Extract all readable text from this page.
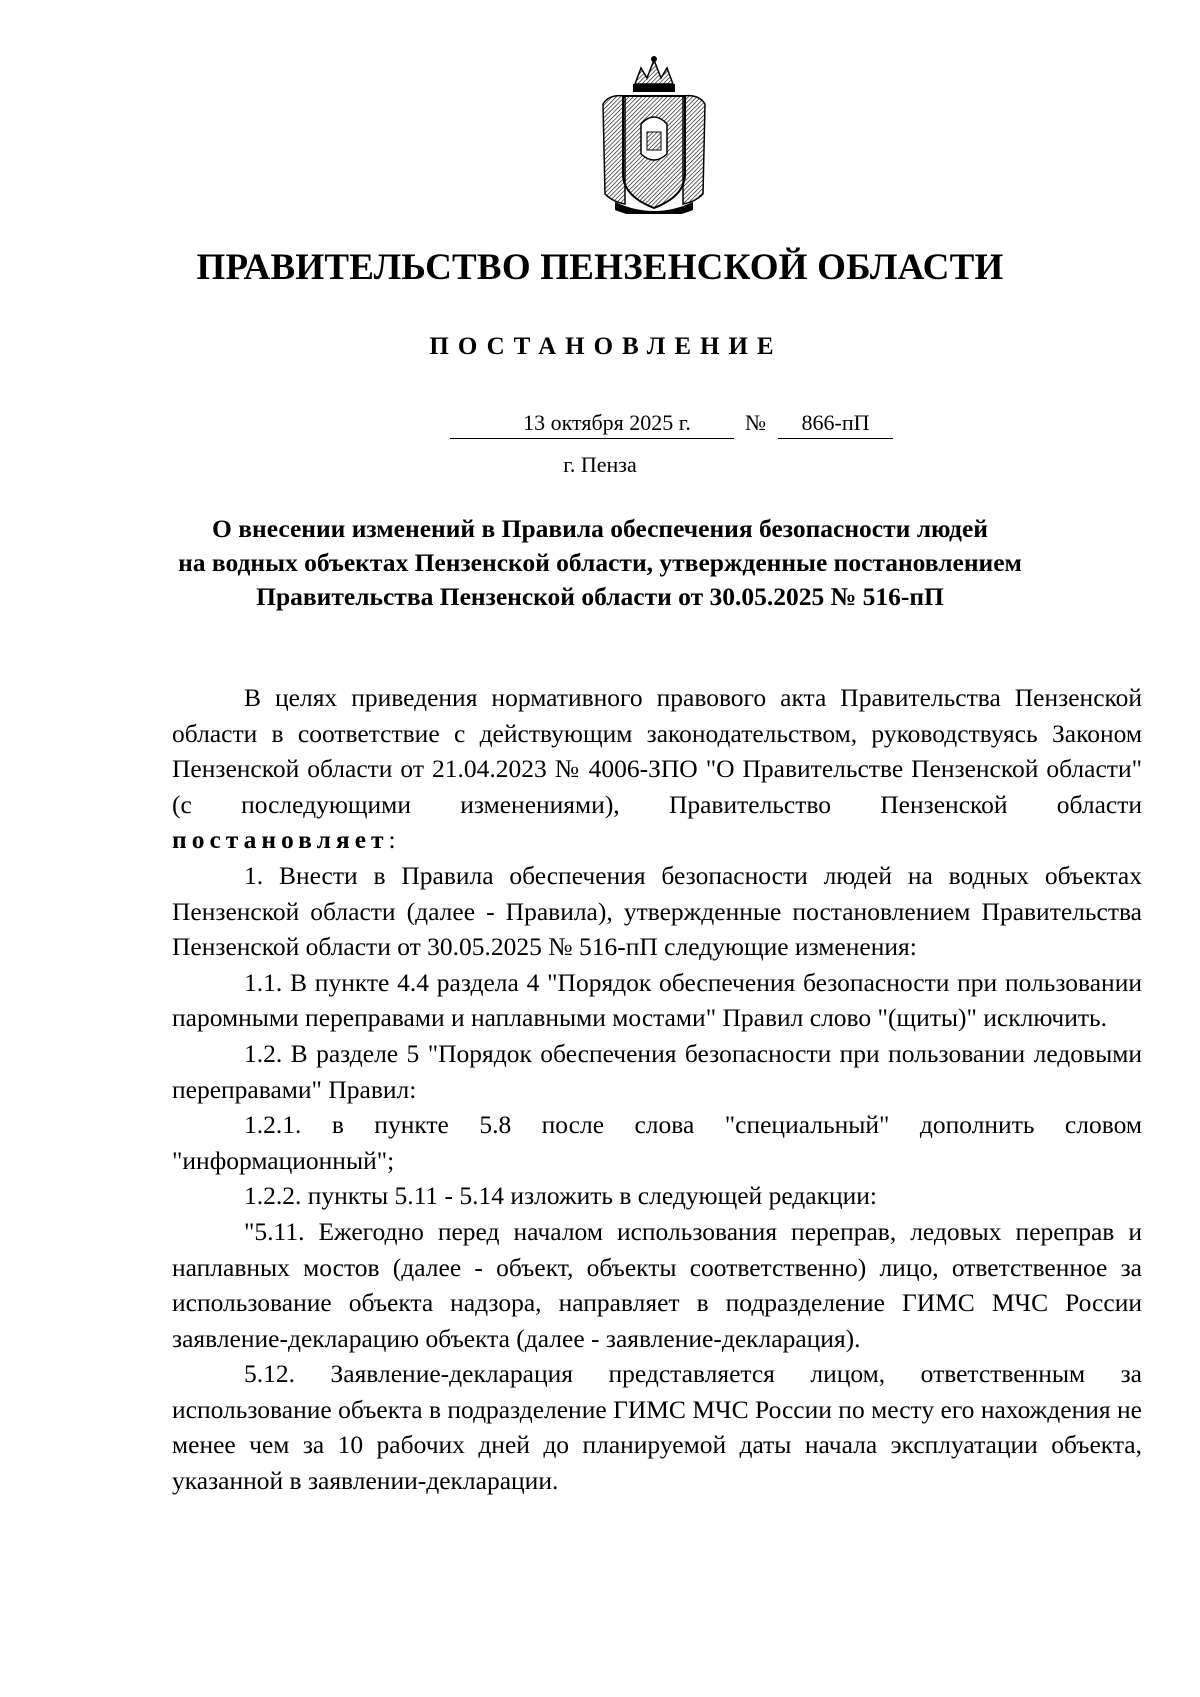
ПРАВИТЕЛЬСТВО ПЕНЗЕНСКОЙ ОБЛАСТИ
ПОСТАНОВЛЕНИЕ
13 октября 2025 г.	№	866-пП
г. Пенза
О внесении изменений в Правила обеспечения безопасности людей
на водных объектах Пензенской области, утвержденные постановлением
Правительства Пензенской области от 30.05.2025 № 516-пП

В целях приведения нормативного правового акта Правительства Пензенской области в соответствие с действующим законодательством, руководствуясь Законом Пензенской области от 21.04.2023 № 4006-ЗПО "О Правительстве Пензенской области" (с последующими изменениями), Правительство Пензенской области постановляет:

1. Внести в Правила обеспечения безопасности людей на водных объектах Пензенской области (далее - Правила), утвержденные постановлением Правительства Пензенской области от 30.05.2025 № 516-пП следующие изменения:

1.1. В пункте 4.4 раздела 4 "Порядок обеспечения безопасности при пользовании паромными переправами и наплавными мостами" Правил слово "(щиты)" исключить.

1.2. В разделе 5 "Порядок обеспечения безопасности при пользовании ледовыми переправами" Правил:

1.2.1. в пункте 5.8 после слова "специальный" дополнить словом "информационный";

1.2.2. пункты 5.11 - 5.14 изложить в следующей редакции:

"5.11. Ежегодно перед началом использования переправ, ледовых переправ и наплавных мостов (далее - объект, объекты соответственно) лицо, ответственное за использование объекта надзора, направляет в подразделение ГИМС МЧС России заявление-декларацию объекта (далее - заявление-декларация).

5.12. Заявление-декларация представляется лицом, ответственным за использование объекта в подразделение ГИМС МЧС России по месту его нахождения не менее чем за 10 рабочих дней до планируемой даты начала эксплуатации объекта, указанной в заявлении-декларации.
